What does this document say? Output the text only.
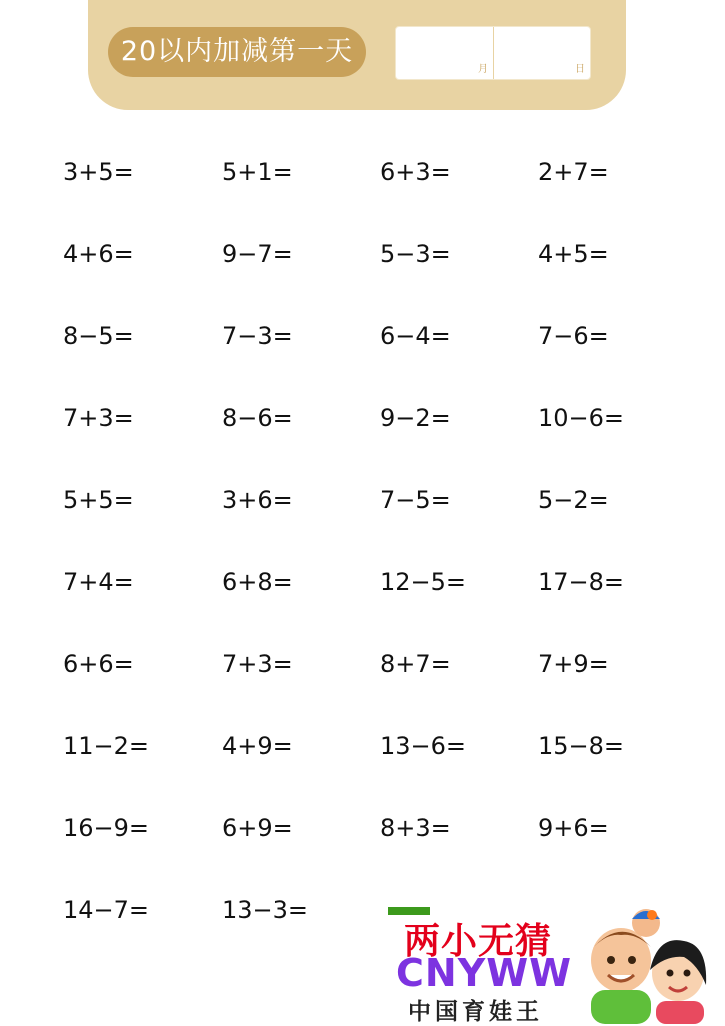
20以内加减第一天
月	日
3+5=	5+1=	6+3=	2+7=
4+6=	9−7=	5−3=	4+5=
8−5=	7−3=	6−4=	7−6=
7+3=	8−6=	9−2=	10−6=
5+5=	3+6=	7−5=	5−2=
7+4=	6+8=	12−5=	17−8=
6+6=	7+3=	8+7=	7+9=
11−2=	4+9=	13−6=	15−8=
16−9=	6+9=	8+3=	9+6=
14−7=	13−3=
两小无猜
CNYWW
中国育娃王
